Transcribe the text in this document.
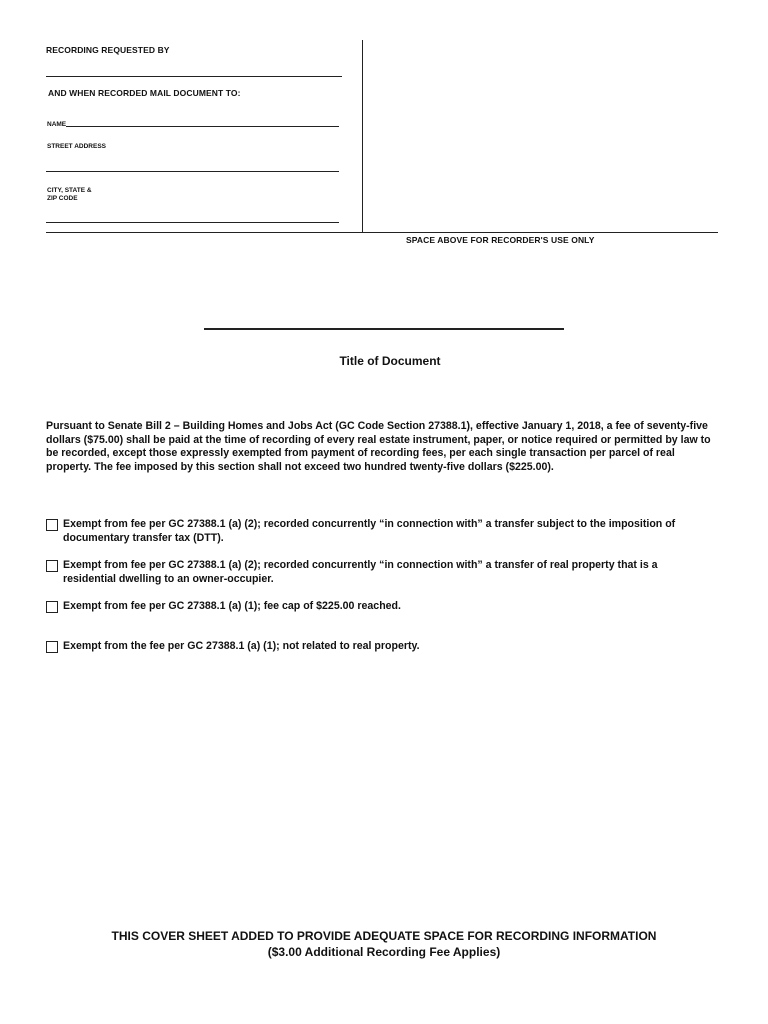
RECORDING REQUESTED BY
AND WHEN RECORDED MAIL DOCUMENT TO:
NAME
STREET ADDRESS
CITY, STATE &
ZIP CODE
SPACE ABOVE FOR RECORDER'S USE ONLY
Title of Document
Pursuant to Senate Bill 2 – Building Homes and Jobs Act (GC Code Section 27388.1), effective January 1, 2018, a fee of seventy-five dollars ($75.00) shall be paid at the time of recording of every real estate instrument, paper, or notice required or permitted by law to be recorded, except those expressly exempted from payment of recording fees, per each single transaction per parcel of real property. The fee imposed by this section shall not exceed two hundred twenty-five dollars ($225.00).
Exempt from fee per GC 27388.1 (a) (2); recorded concurrently “in connection with” a transfer subject to the imposition of documentary transfer tax (DTT).
Exempt from fee per GC 27388.1 (a) (2); recorded concurrently “in connection with” a transfer of real property that is a residential dwelling to an owner-occupier.
Exempt from fee per GC 27388.1 (a) (1); fee cap of $225.00 reached.
Exempt from the fee per GC 27388.1 (a) (1); not related to real property.
THIS COVER SHEET ADDED TO PROVIDE ADEQUATE SPACE FOR RECORDING INFORMATION
($3.00 Additional Recording Fee Applies)
